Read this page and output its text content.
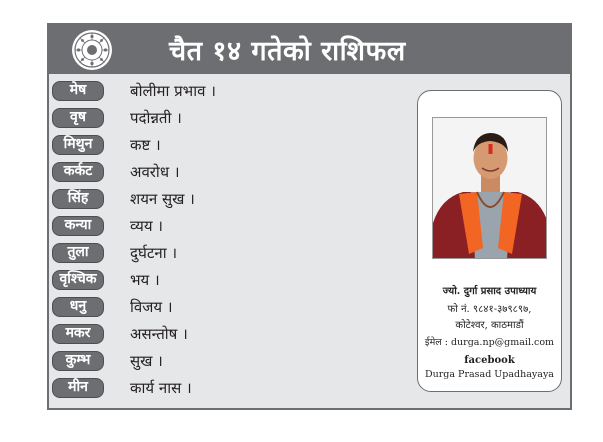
चैत १४ गतेको राशिफल
मेष	बोलीमा प्रभाव ।
वृष	पदोन्नती ।
मिथुन	कष्ट ।
कर्कट	अवरोध ।
सिंह	शयन सुख ।
कन्या	व्यय ।
तुला	दुर्घटना ।
वृश्चिक	भय ।
धनु	विजय ।
मकर	असन्तोष ।
कुम्भ	सुख ।
मीन	कार्य नास ।
ज्यो. दुर्गा प्रसाद उपाध्याय
फो नं. ९८४१-३७९८९७,
कोटेश्वर, काठमाडौं
ईमेल : durga.np@gmail.com
facebook
Durga Prasad Upadhayaya
